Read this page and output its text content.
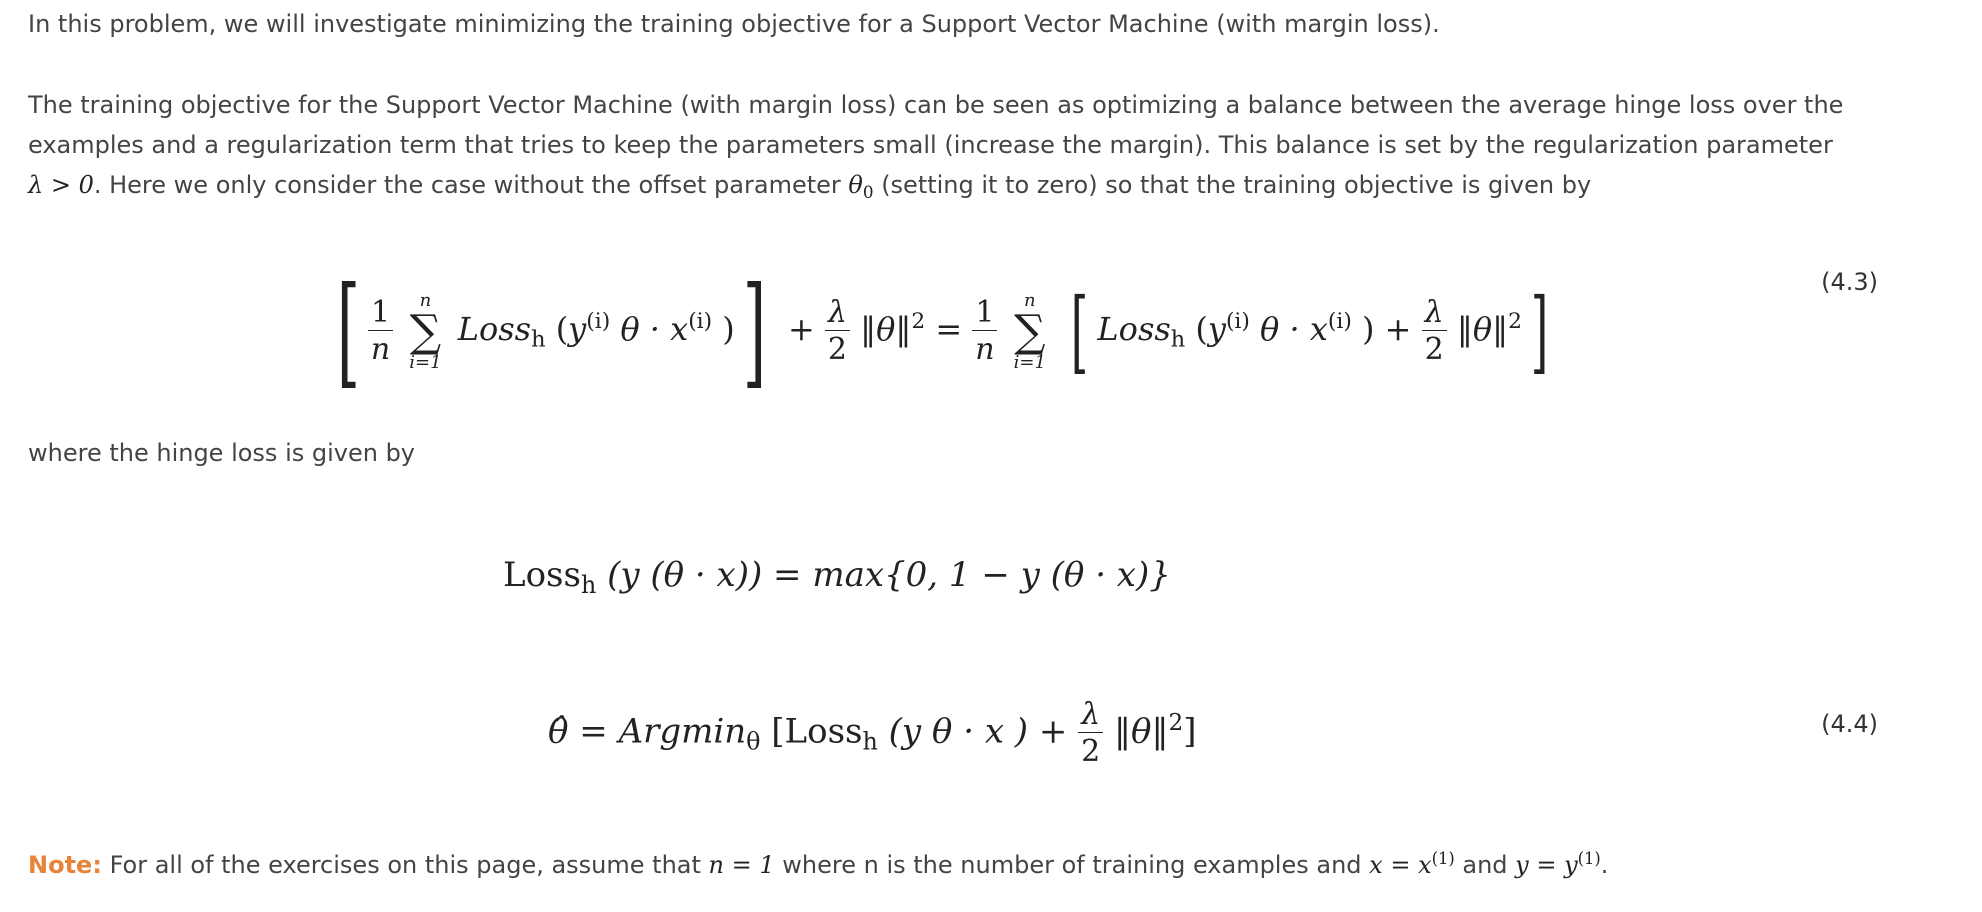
In this problem, we will investigate minimizing the training objective for a Support Vector Machine (with margin loss).

The training objective for the Support Vector Machine (with margin loss) can be seen as optimizing a balance between the average hinge loss over the examples and a regularization term that tries to keep the parameters small (increase the margin). This balance is set by the regularization parameter
λ > 0. Here we only consider the case without the offset parameter $\theta_0$ (setting it to zero) so that the training objective is given by

[ $\frac{1}{n}$
	n
∑
i=1
Loss$_h$ ($y^{(i)}$ $\theta \cdot x^{(i)}$ ) ] + $\frac{\lambda}{2}$ ‖θ‖$^2$ = $\frac{1}{n}$
	n
∑
i=1 [ Loss$_h$ ($y^{(i)}$ $\theta \cdot x^{(i)}$ ) + $\frac{\lambda}{2}$ ‖θ‖$^2$ ]	(4.3)

where the hinge loss is given by

Loss$_h$ (y (θ · x)) = max{0, 1 − y (θ · x)}
θ̂ = Argmin$_\theta$ [Loss$_h$ (y θ · x ) + $\frac{\lambda}{2}$ ‖θ‖$^2$]	(4.4)

Note: For all of the exercises on this page, assume that n = 1 where n is the number of training examples and $x = x^{(1)}$ and $y = y^{(1)}$.
